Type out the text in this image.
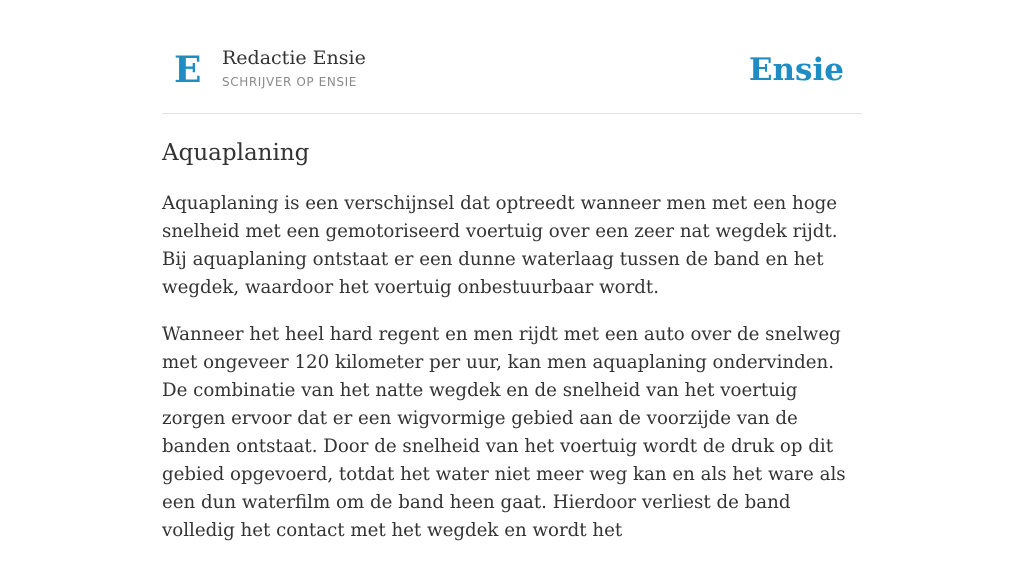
E Redactie Ensie
SCHRIJVER OP ENSIE	Ensie
Aquaplaning

Aquaplaning is een verschijnsel dat optreedt wanneer men met een hoge snelheid met een gemotoriseerd voertuig over een zeer nat wegdek rijdt. Bij aquaplaning ontstaat er een dunne waterlaag tussen de band en het wegdek, waardoor het voertuig onbestuurbaar wordt.

Wanneer het heel hard regent en men rijdt met een auto over de snelweg met ongeveer 120 kilometer per uur, kan men aquaplaning ondervinden. De combinatie van het natte wegdek en de snelheid van het voertuig zorgen ervoor dat er een wigvormige gebied aan de voorzijde van de banden ontstaat. Door de snelheid van het voertuig wordt de druk op dit gebied opgevoerd, totdat het water niet meer weg kan en als het ware als een dun waterfilm om de band heen gaat. Hierdoor verliest de band volledig het contact met het wegdek en wordt het
